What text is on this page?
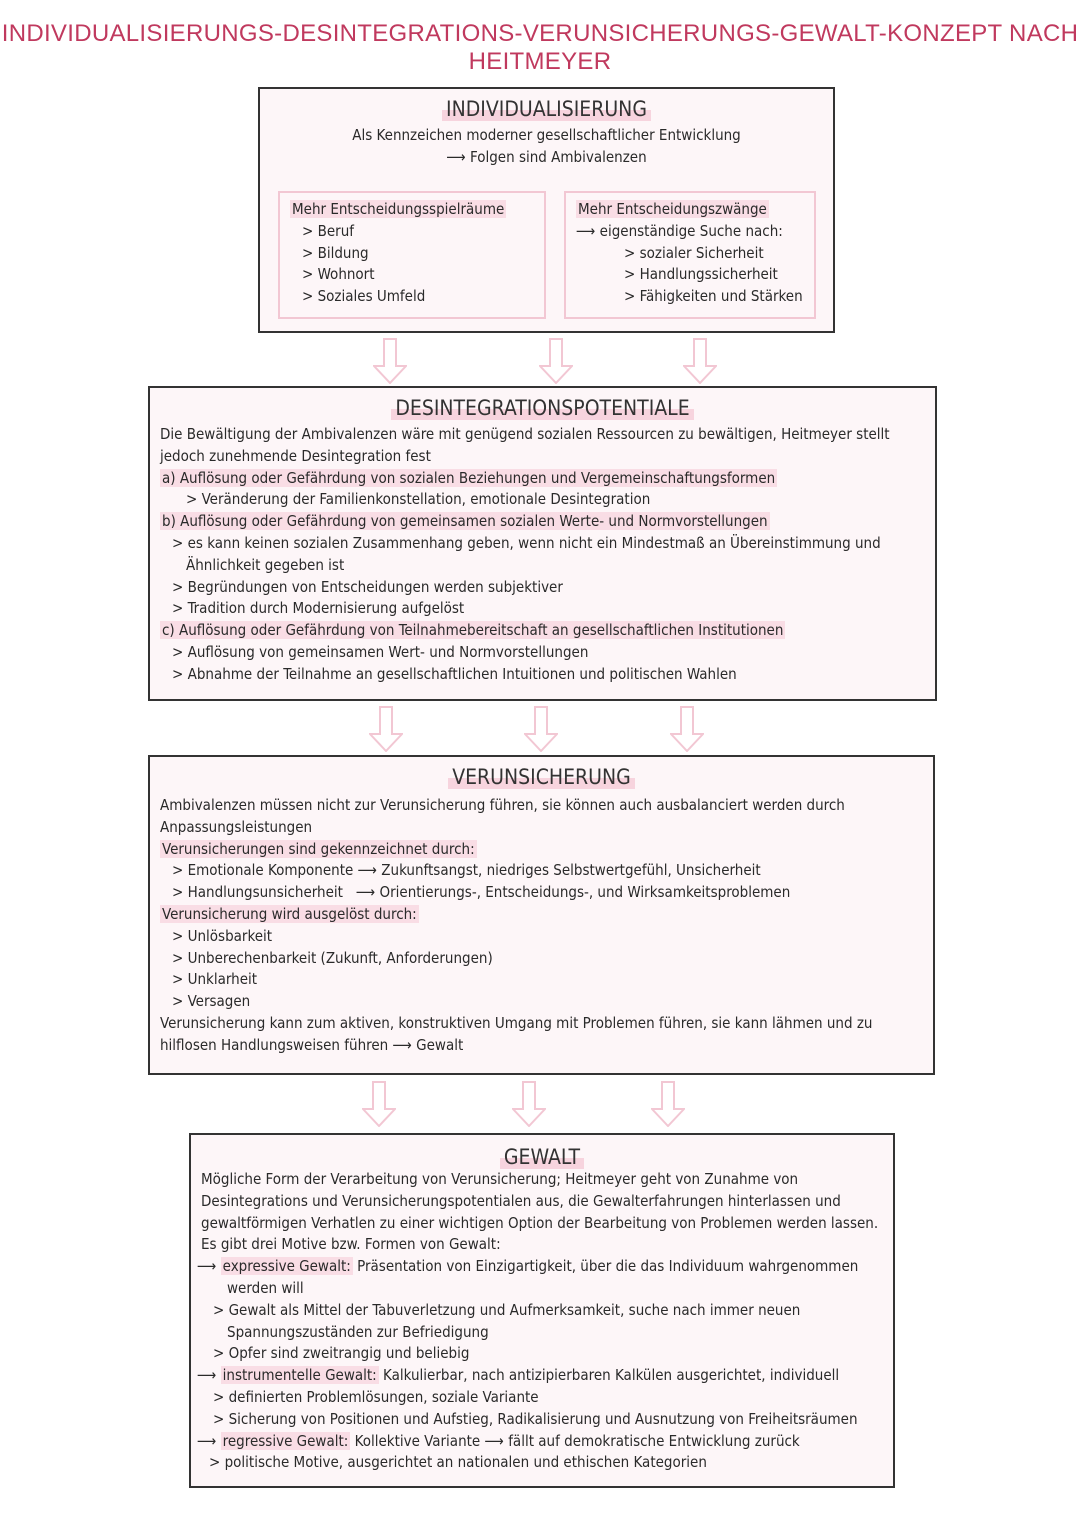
INDIVIDUALISIERUNGS-DESINTEGRATIONS-VERUNSICHERUNGS-GEWALT-KONZEPT NACH HEITMEYER
INDIVIDUALISIERUNG
Als Kennzeichen moderner gesellschaftlicher Entwicklung
⟶ Folgen sind Ambivalenzen
Mehr Entscheidungsspielräume
> Beruf
> Bildung
> Wohnort
> Soziales Umfeld
Mehr Entscheidungszwänge
⟶ eigenständige Suche nach:
> sozialer Sicherheit
> Handlungssicherheit
> Fähigkeiten und Stärken
DESINTEGRATIONSPOTENTIALE
Die Bewältigung der Ambivalenzen wäre mit genügend sozialen Ressourcen zu bewältigen, Heitmeyer stellt
jedoch zunehmende Desintegration fest
a) Auflösung oder Gefährdung von sozialen Beziehungen und Vergemeinschaftungsformen
> Veränderung der Familienkonstellation, emotionale Desintegration
b) Auflösung oder Gefährdung von gemeinsamen sozialen Werte- und Normvorstellungen
> es kann keinen sozialen Zusammenhang geben, wenn nicht ein Mindestmaß an Übereinstimmung und
Ähnlichkeit gegeben ist
> Begründungen von Entscheidungen werden subjektiver
> Tradition durch Modernisierung aufgelöst
c) Auflösung oder Gefährdung von Teilnahmebereitschaft an gesellschaftlichen Institutionen
> Auflösung von gemeinsamen Wert- und Normvorstellungen
> Abnahme der Teilnahme an gesellschaftlichen Intuitionen und politischen Wahlen
VERUNSICHERUNG
Ambivalenzen müssen nicht zur Verunsicherung führen, sie können auch ausbalanciert werden durch
Anpassungsleistungen
Verunsicherungen sind gekennzeichnet durch:
> Emotionale Komponente ⟶ Zukunftsangst, niedriges Selbstwertgefühl, Unsicherheit
> Handlungsunsicherheit ⟶ Orientierungs-, Entscheidungs-, und Wirksamkeitsproblemen
Verunsicherung wird ausgelöst durch:
> Unlösbarkeit
> Unberechenbarkeit (Zukunft, Anforderungen)
> Unklarheit
> Versagen
Verunsicherung kann zum aktiven, konstruktiven Umgang mit Problemen führen, sie kann lähmen und zu
hilflosen Handlungsweisen führen ⟶ Gewalt
GEWALT
Mögliche Form der Verarbeitung von Verunsicherung; Heitmeyer geht von Zunahme von
Desintegrations und Verunsicherungspotentialen aus, die Gewalterfahrungen hinterlassen und
gewaltförmigen Verhatlen zu einer wichtigen Option der Bearbeitung von Problemen werden lassen.
Es gibt drei Motive bzw. Formen von Gewalt:
⟶ expressive Gewalt: Präsentation von Einzigartigkeit, über die das Individuum wahrgenommen
werden will
> Gewalt als Mittel der Tabuverletzung und Aufmerksamkeit, suche nach immer neuen
Spannungszuständen zur Befriedigung
> Opfer sind zweitrangig und beliebig
⟶ instrumentelle Gewalt: Kalkulierbar, nach antizipierbaren Kalkülen ausgerichtet, individuell
> definierten Problemlösungen, soziale Variante
> Sicherung von Positionen und Aufstieg, Radikalisierung und Ausnutzung von Freiheitsräumen
⟶ regressive Gewalt: Kollektive Variante ⟶ fällt auf demokratische Entwicklung zurück
> politische Motive, ausgerichtet an nationalen und ethischen Kategorien
